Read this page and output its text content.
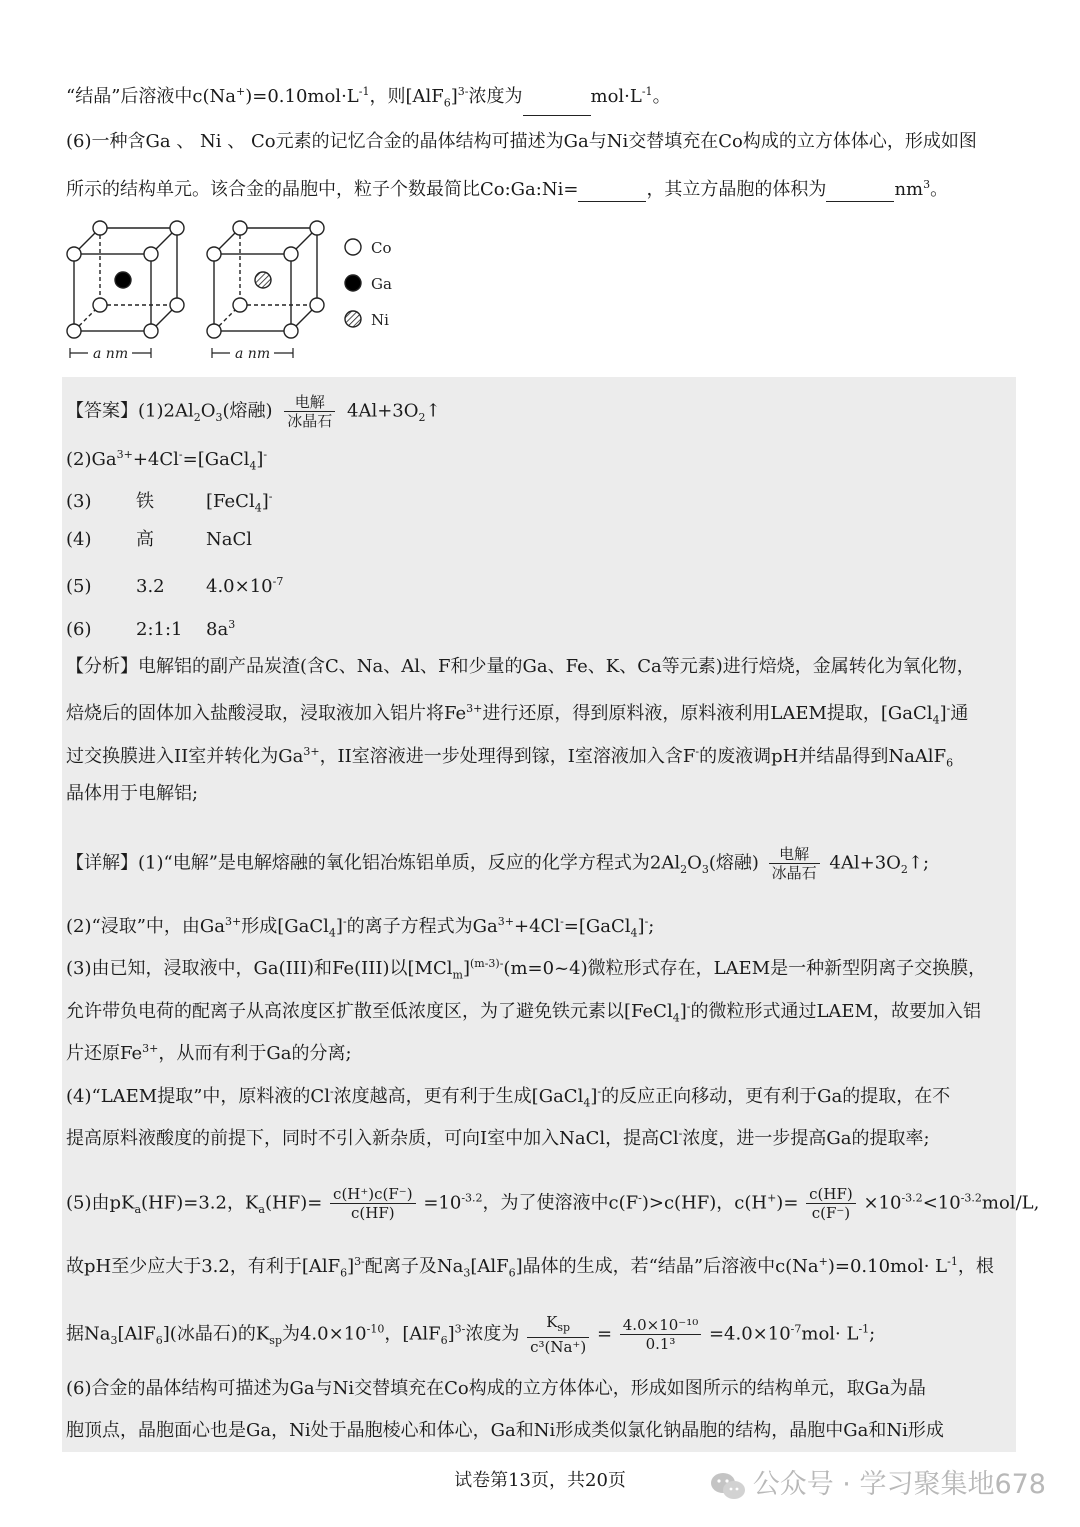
“结晶”后溶液中$c(Na^+)=0.10mol\cdot L^{-1}$，则$[AlF_6]^{3-}$浓度为	$mol\cdot L^{-1}$。
(6)一种含Ga 、 Ni 、 Co元素的记忆合金的晶体结构可描述为Ga与Ni交替填充在Co构成的立方体体心，形成如图
所示的结构单元。该合金的晶胞中，粒子个数最简比Co:Ga:Ni=	，其立方晶胞的体积为	$nm^3$。
a nm	a nm
Co
Ga
Ni
【答案】$(1)2Al_2O_3$(熔融) $\frac{\text{电解}}{\text{冰晶石}}$ $4Al+3O_2↑$
$(2)Ga^{3+}+4Cl^-=[GaCl_4]^-$
(3) 铁	[FeCl$_4$]-
(4) 高	NaCl
(5) 3.2 $4.0\times 10^{-7}$
(6) 2:1:1 $8a^3$
【分析】电解铝的副产品炭渣(含C、Na、Al、F和少量的Ga、Fe、K、Ca等元素)进行焙烧，金属转化为氧化物，
焙烧后的固体加入盐酸浸取，浸取液加入铝片将$Fe^{3+}$进行还原，得到原料液，原料液利用LAEM提取，[GaCl$_4$]-通
过交换膜进入II室并转化为$Ga^{3+}$，II室溶液进一步处理得到镓，I室溶液加入含F-的废液调pH并结晶得到NaAlF$_6$
晶体用于电解铝;
【详解】(1)“电解”是电解熔融的氧化铝冶炼铝单质，反应的化学方程式为$2Al_2O_3$(熔融) $\frac{\text{电解}}{\text{冰晶石}}$ $4Al+3O_2↑$;
(2)“浸取”中，由$Ga^{3+}$形成[GaCl$_4$]-的离子方程式为$Ga^{3+}+4Cl^-=[GaCl_4]^-$;
(3)由已知，浸取液中，Ga(III)和Fe(III)以$[MCl_m]^{(m-3)-}(m=0\sim 4)$微粒形式存在，LAEM是一种新型阴离子交换膜，
允许带负电荷的配离子从高浓度区扩散至低浓度区，为了避免铁元素以[FeCl$_4$]-的微粒形式通过LAEM，故要加入铝
片还原$Fe^{3+}$，从而有利于Ga的分离;
(4)“LAEM提取”中，原料液的Cl-浓度越高，更有利于生成[GaCl$_4$]-的反应正向移动，更有利于Ga的提取，在不
提高原料液酸度的前提下，同时不引入新杂质，可向I室中加入NaCl，提高Cl-浓度，进一步提高Ga的提取率;
(5)由$pK_a(HF)=3.2$，$K_a(HF)= \frac{c(H^+)c(F^-)}{c(HF)} =10^{-3.2}$，为了使溶液中c(F-)>c(HF)，$c(H^+)= \frac{c(HF)}{c(F^-)} \times 10^{-3.2}<10^{-3.2}mol/L$,
故pH至少应大于3.2，有利于$[AlF_6]^{3-}$配离子及$Na_3[AlF_6]$晶体的生成，若“结晶”后溶液中$c(Na^+)=0.10mol\cdot L^{-1}$，根
据$Na_3[AlF_6]$(冰晶石)的$K_{sp}$为$4.0\times 10^{-10}$，$[AlF_6]^{3-}$浓度为 $\frac{K_{sp}}{\text{c³(Na⁺)}} = \frac{\text{4.0×10⁻¹⁰}}{\text{0.1³}} =4.0\times 10^{-7}mol\cdot L^{-1}$;
(6)合金的晶体结构可描述为Ga与Ni交替填充在Co构成的立方体体心，形成如图所示的结构单元，取Ga为晶
胞顶点，晶胞面心也是Ga，Ni处于晶胞棱心和体心，Ga和Ni形成类似氯化钠晶胞的结构，晶胞中Ga和Ni形成
试卷第13页，共20页	公众号 · 学习聚集地678
